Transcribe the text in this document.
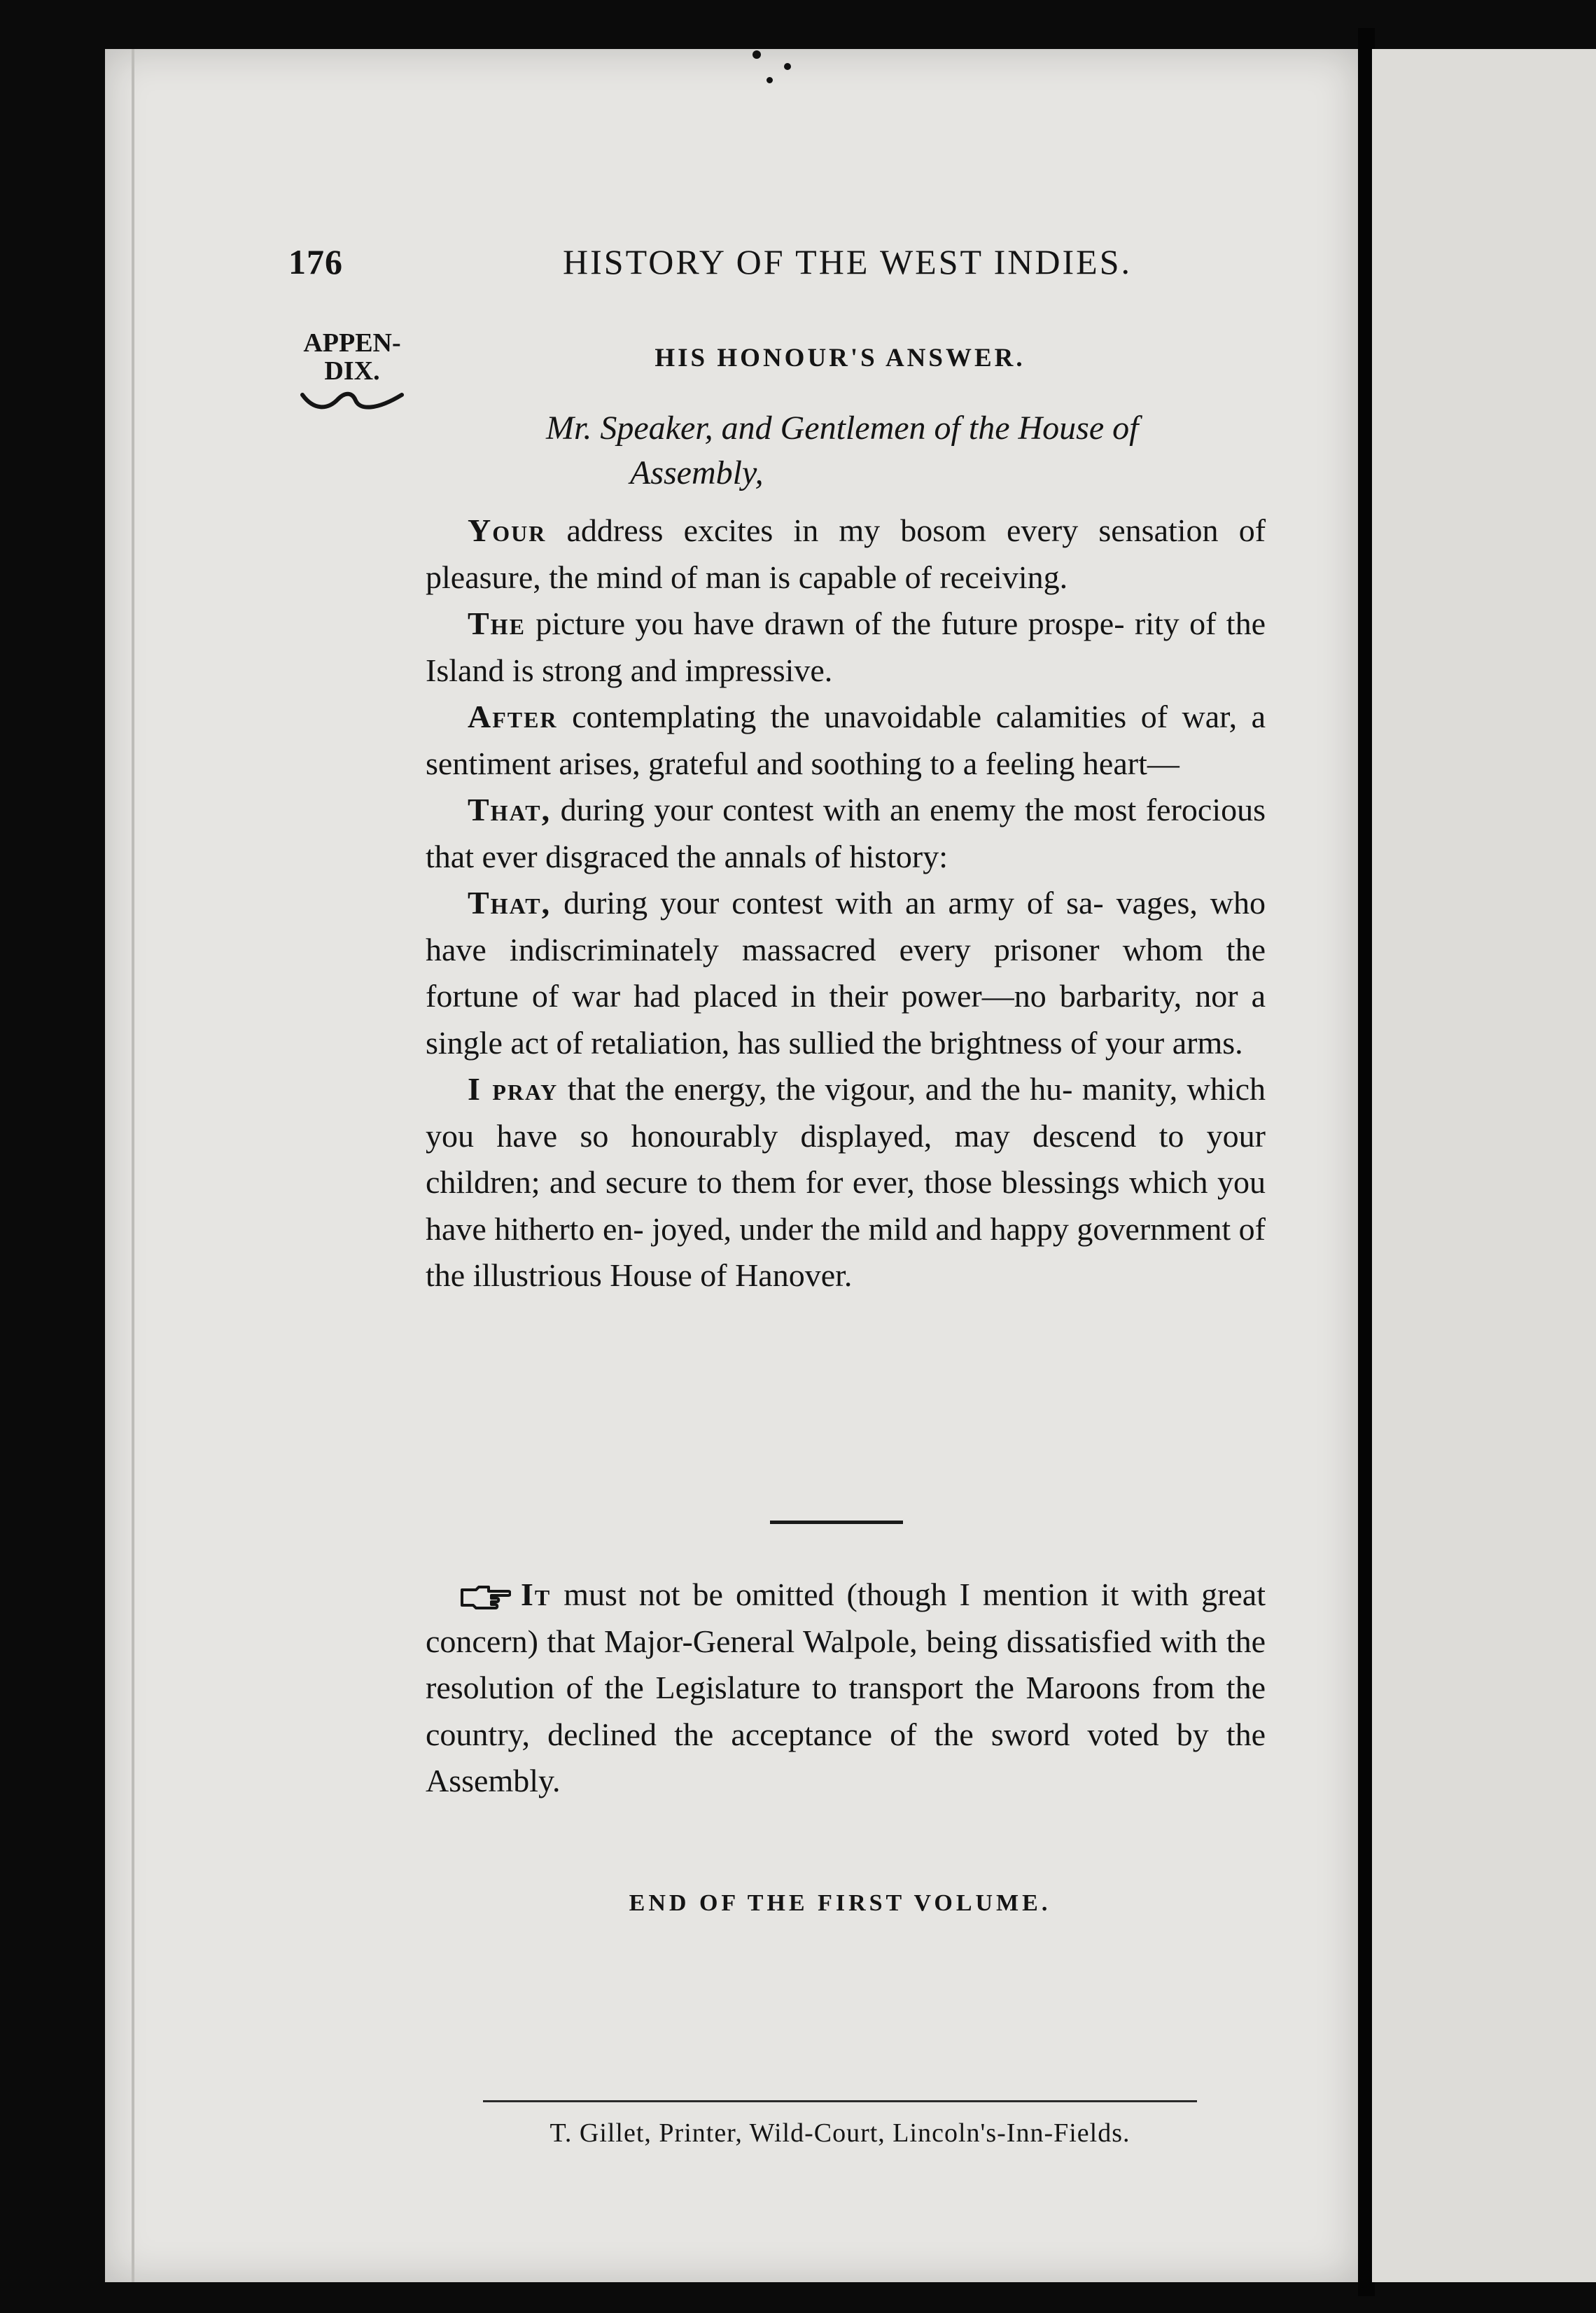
176	HISTORY OF THE WEST INDIES.
APPEN-
DIX.	HIS HONOUR'S ANSWER.
Mr. Speaker, and Gentlemen of the House of
Assembly,

Your address excites in my bosom every sensation of pleasure, the mind of man is capable of receiving.

The picture you have drawn of the future prospe- rity of the Island is strong and impressive.

After contemplating the unavoidable calamities of war, a sentiment arises, grateful and soothing to a feeling heart—

That, during your contest with an enemy the most ferocious that ever disgraced the annals of history:

That, during your contest with an army of sa- vages, who have indiscriminately massacred every prisoner whom the fortune of war had placed in their power—no barbarity, nor a single act of retaliation, has sullied the brightness of your arms.

I pray that the energy, the vigour, and the hu- manity, which you have so honourably displayed, may descend to your children; and secure to them for ever, those blessings which you have hitherto en- joyed, under the mild and happy government of the illustrious House of Hanover.

It must not be omitted (though I mention it with great concern) that Major-General Walpole, being dissatisfied with the resolution of the Legislature to transport the Maroons from the country, declined the acceptance of the sword voted by the Assembly.

END OF THE FIRST VOLUME.
T. Gillet, Printer, Wild-Court, Lincoln's-Inn-Fields.
